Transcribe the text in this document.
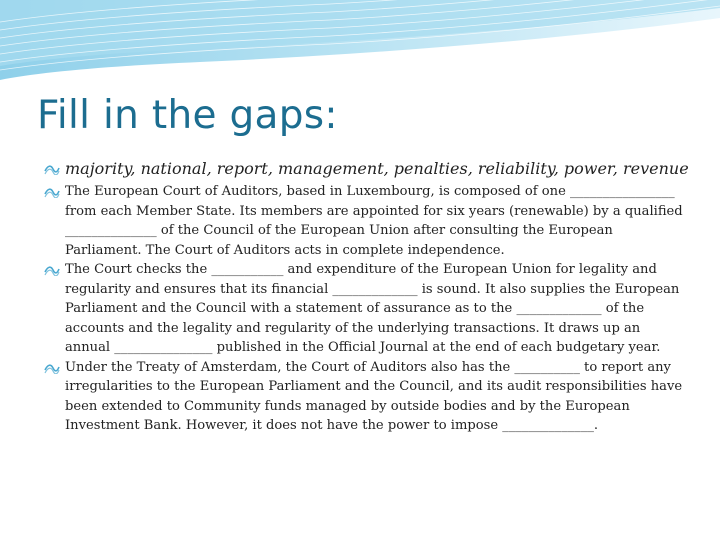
Fill in the gaps:
majority, national, report, management, penalties, reliability, power, revenue
The European Court of Auditors, based in Luxembourg, is composed of one ________________ from each Member State. Its members are appointed for six years (renewable) by a qualified ______________ of the Council of the European Union after consulting the European Parliament. The Court of Auditors acts in complete independence.
The Court checks the ___________ and expenditure of the European Union for legality and regularity and ensures that its financial _____________ is sound. It also supplies the European Parliament and the Council with a statement of assurance as to the _____________ of the accounts and the legality and regularity of the underlying transactions. It draws up an annual _______________ published in the Official Journal at the end of each budgetary year.
Under the Treaty of Amsterdam, the Court of Auditors also has the __________ to report any irregularities to the European Parliament and the Council, and its audit responsibilities have been extended to Community funds managed by outside bodies and by the European Investment Bank. However, it does not have the power to impose ______________.
